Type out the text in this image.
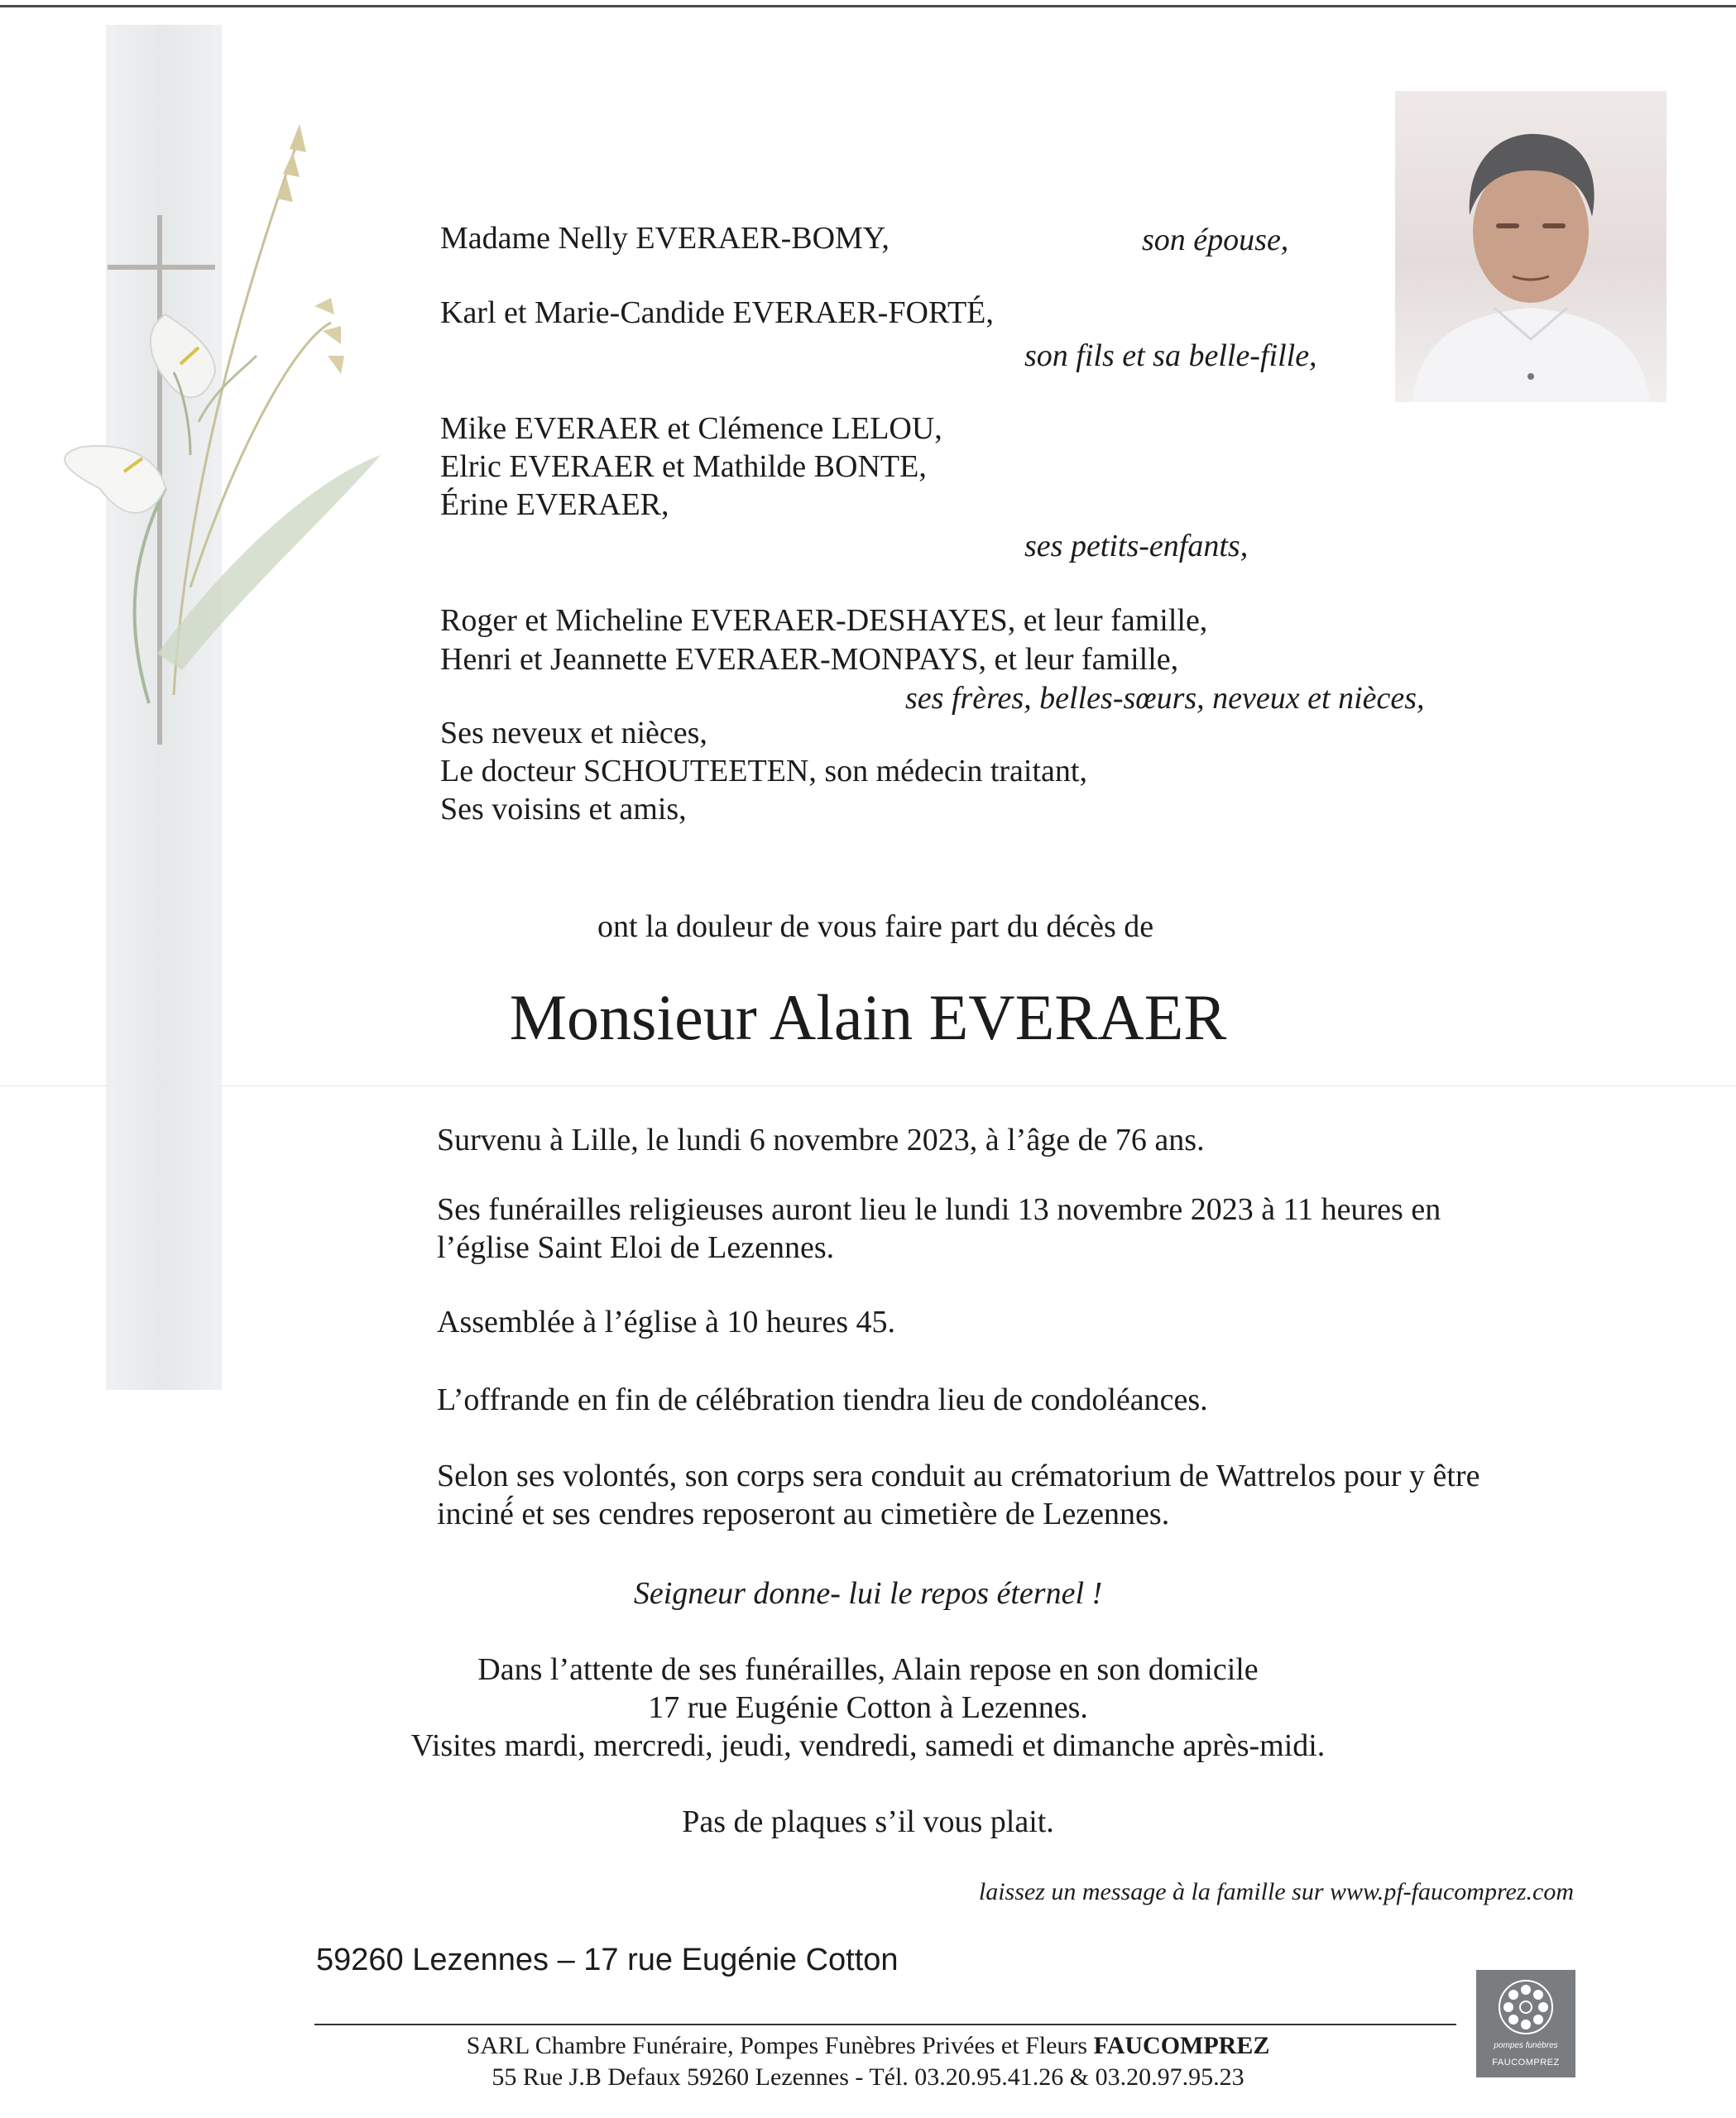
Madame Nelly EVERAER-BOMY,	son épouse,
Karl et Marie-Candide EVERAER-FORTÉ,
son fils et sa belle-fille,
Mike EVERAER et Clémence LELOU,
Elric EVERAER et Mathilde BONTE,
Érine EVERAER,
ses petits-enfants,
Roger et Micheline EVERAER-DESHAYES, et leur famille,
Henri et Jeannette EVERAER-MONPAYS, et leur famille,
ses frères, belles-sœurs, neveux et nièces,
Ses neveux et nièces,
Le docteur SCHOUTEETEN, son médecin traitant,
Ses voisins et amis,
ont la douleur de vous faire part du décès de
Monsieur Alain EVERAER
Survenu à Lille, le lundi 6 novembre 2023, à l’âge de 76 ans.
Ses funérailles religieuses auront lieu le lundi 13 novembre 2023 à 11 heures en
l’église Saint Eloi de Lezennes.
Assemblée à l’église à 10 heures 45.
L’offrande en fin de célébration tiendra lieu de condoléances.
Selon ses volontés, son corps sera conduit au crématorium de Wattrelos pour y être
inciné́ et ses cendres reposeront au cimetière de Lezennes.
Seigneur donne- lui le repos éternel !
Dans l’attente de ses funérailles, Alain repose en son domicile
17 rue Eugénie Cotton à Lezennes.
Visites mardi, mercredi, jeudi, vendredi, samedi et dimanche après-midi.
Pas de plaques s’il vous plait.
laissez un message à la famille sur www.pf-faucomprez.com
59260 Lezennes – 17 rue Eugénie Cotton
SARL Chambre Funéraire, Pompes Funèbres Privées et Fleurs FAUCOMPREZ
55 Rue J.B Defaux 59260 Lezennes - Tél. 03.20.95.41.26 & 03.20.97.95.23
pompes funèbres
FAUCOMPREZ
